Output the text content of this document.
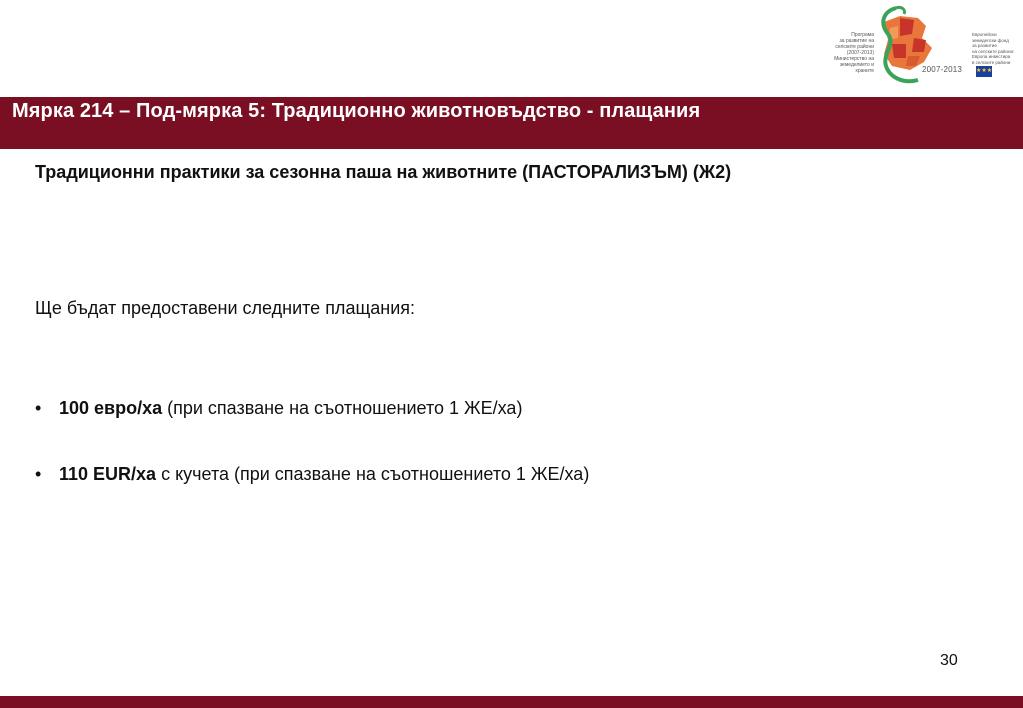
Програма
за развитие на
селските райони
(2007-2013)
Министерство на
земеделието и
храните
Европейски
земеделски фонд
за развитие
на селските райони:
Европа инвестира
в селските райони
2007-2013 ★★★
Мярка 214 – Под-мярка 5: Традиционно животновъдство - плащания
Традиционни практики за сезонна паша на животните (ПАСТОРАЛИЗЪМ) (Ж2)
Ще бъдат предоставени следните плащания:
• 100 евро/ха (при спазване на съотношението 1 ЖЕ/ха)
• 110 EUR/ха с кучета (при спазване на съотношението 1 ЖЕ/ха)
30
